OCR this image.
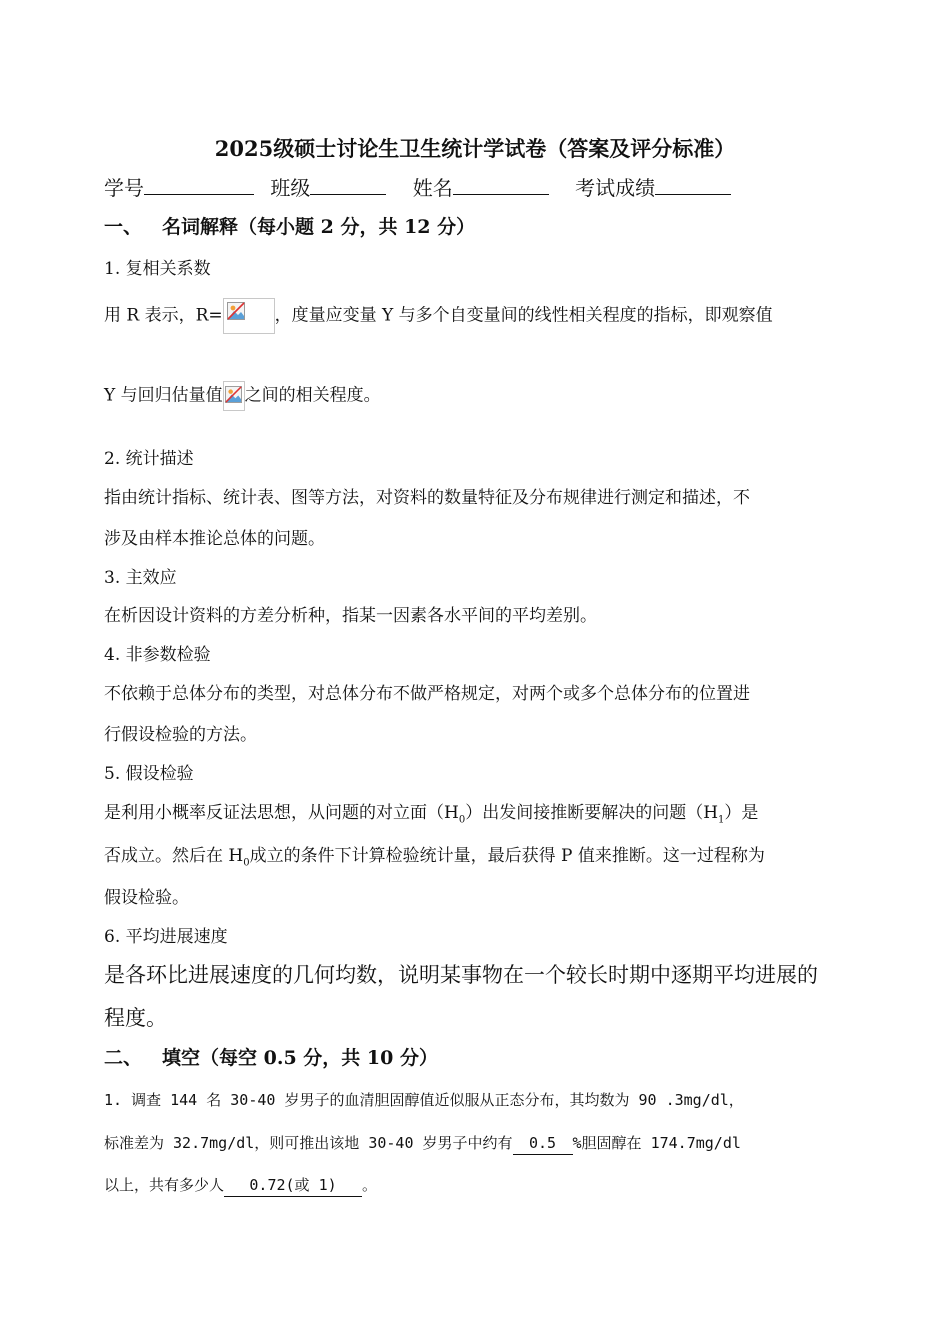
2025级硕士讨论生卫生统计学试卷（答案及评分标准）
学号	班级	姓名	考试成绩
一、 名词解释（每小题 2 分，共 12 分）
1. 复相关系数
用 R 表示，R=	，度量应变量 Y 与多个自变量间的线性相关程度的指标，即观察值
Y 与回归估量值 之间的相关程度。
2. 统计描述
指由统计指标、统计表、图等方法，对资料的数量特征及分布规律进行测定和描述，不
涉及由样本推论总体的问题。
3. 主效应
在析因设计资料的方差分析种，指某一因素各水平间的平均差别。
4. 非参数检验
不依赖于总体分布的类型，对总体分布不做严格规定，对两个或多个总体分布的位置进
行假设检验的方法。
5. 假设检验
是利用小概率反证法思想，从问题的对立面$(H_0)$出发间接推断要解决的问题$(H_1)$是
否成立。然后在 $H_0$成立的条件下计算检验统计量，最后获得 P 值来推断。这一过程称为
假设检验。
6. 平均进展速度
是各环比进展速度的几何均数，说明某事物在一个较长时期中逐期平均进展的
程度。
二、 填空（每空 0.5 分，共 10 分）
1. 调查 144 名 30-40 岁男子的血清胆固醇值近似服从正态分布，其均数为 90 .3mg/dl，
标准差为 32.7mg/dl，则可推出该地 30-40 岁男子中约有 0.5 %胆固醇在 174.7mg/dl
以上，共有多少人 0.72(或 1) 。
